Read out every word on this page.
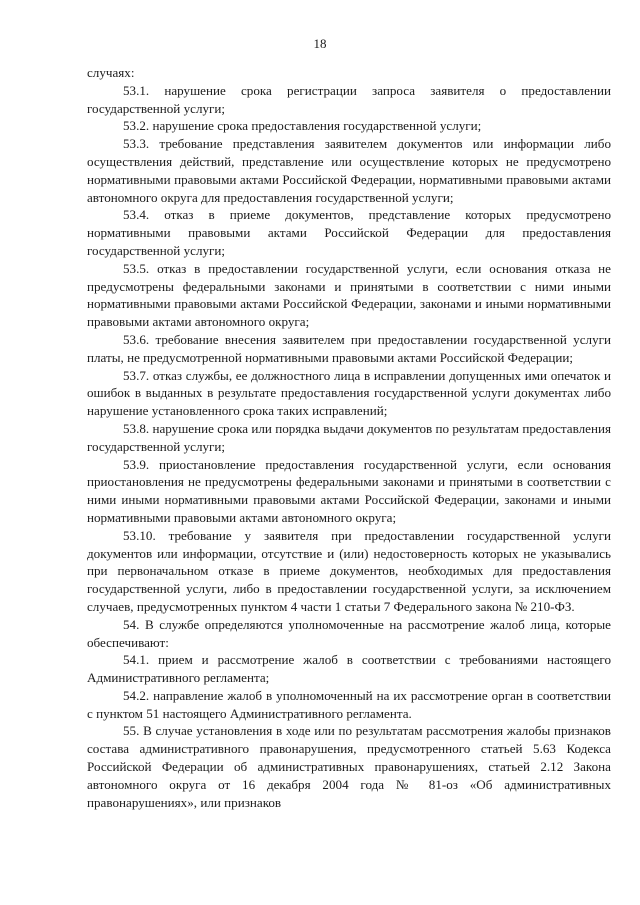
18

случаях:

53.1. нарушение срока регистрации запроса заявителя о предоставлении государственной услуги;

53.2. нарушение срока предоставления государственной услуги;

53.3. требование представления заявителем документов или информации либо осуществления действий, представление или осуществление которых не предусмотрено нормативными правовыми актами Российской Федерации, нормативными правовыми актами автономного округа для предоставления государственной услуги;

53.4. отказ в приеме документов, представление которых предусмотрено нормативными правовыми актами Российской Федерации для предоставления государственной услуги;

53.5. отказ в предоставлении государственной услуги, если основания отказа не предусмотрены федеральными законами и принятыми в соответствии с ними иными нормативными правовыми актами Российской Федерации, законами и иными нормативными правовыми актами автономного округа;

53.6. требование внесения заявителем при предоставлении государственной услуги платы, не предусмотренной нормативными правовыми актами Российской Федерации;

53.7. отказ службы, ее должностного лица в исправлении допущенных ими опечаток и ошибок в выданных в результате предоставления государственной услуги документах либо нарушение установленного срока таких исправлений;

53.8. нарушение срока или порядка выдачи документов по результатам предоставления государственной услуги;

53.9. приостановление предоставления государственной услуги, если основания приостановления не предусмотрены федеральными законами и принятыми в соответствии с ними иными нормативными правовыми актами Российской Федерации, законами и иными нормативными правовыми актами автономного округа;

53.10. требование у заявителя при предоставлении государственной услуги документов или информации, отсутствие и (или) недостоверность которых не указывались при первоначальном отказе в приеме документов, необходимых для предоставления государственной услуги, либо в предоставлении государственной услуги, за исключением случаев, предусмотренных пунктом 4 части 1 статьи 7 Федерального закона № 210-ФЗ.

54. В службе определяются уполномоченные на рассмотрение жалоб лица, которые обеспечивают:

54.1. прием и рассмотрение жалоб в соответствии с требованиями настоящего Административного регламента;

54.2. направление жалоб в уполномоченный на их рассмотрение орган в соответствии с пунктом 51 настоящего Административного регламента.

55. В случае установления в ходе или по результатам рассмотрения жалобы признаков состава административного правонарушения, предусмотренного статьей 5.63 Кодекса Российской Федерации об административных правонарушениях, статьей 2.12 Закона автономного округа от 16 декабря 2004 года № 81-оз «Об административных правонарушениях», или признаков
